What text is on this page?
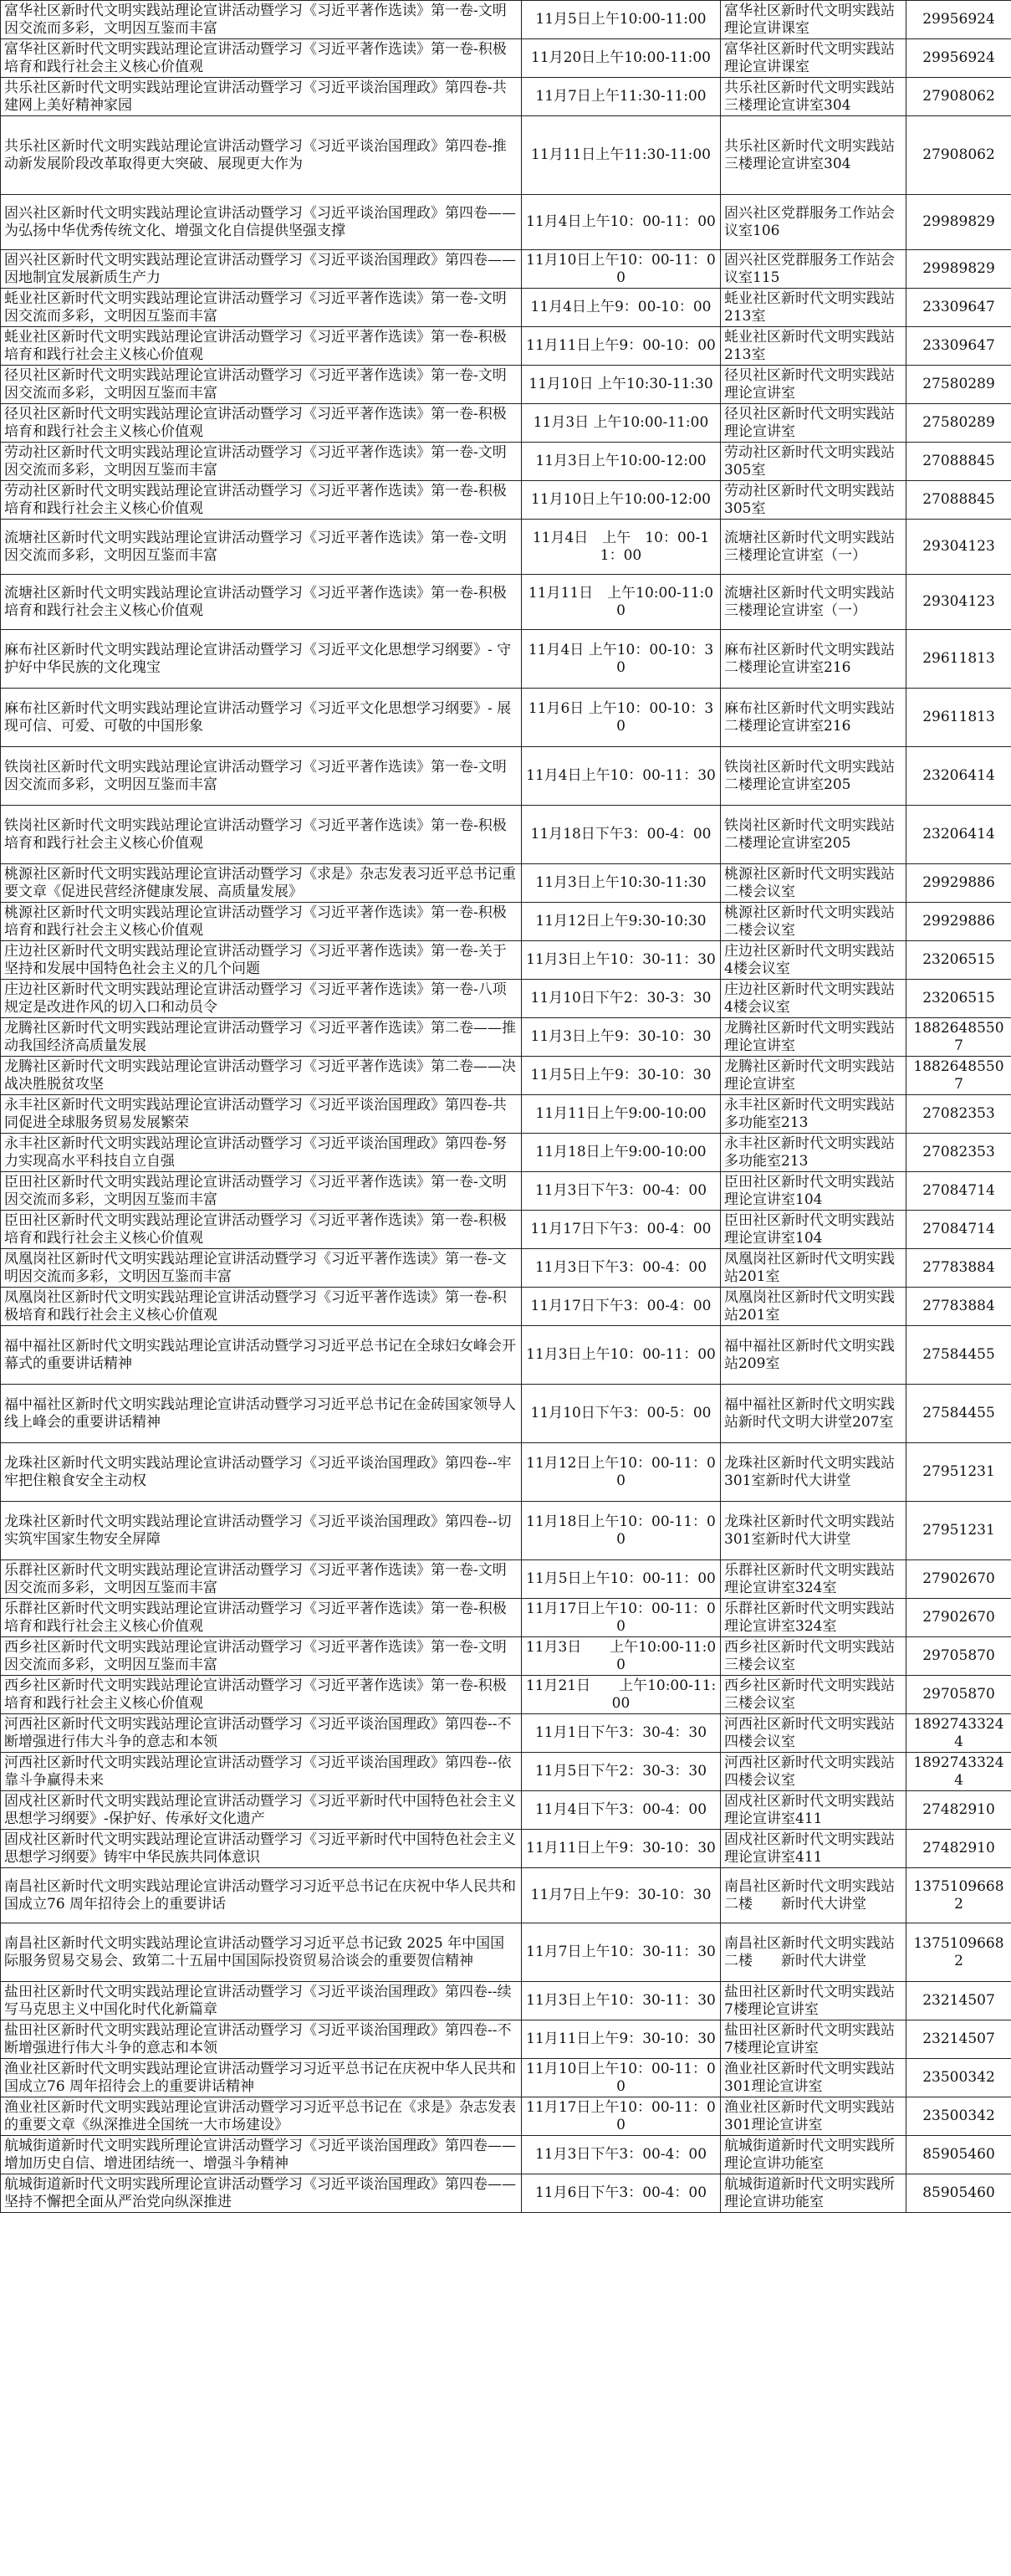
富华社区新时代文明实践站理论宣讲活动暨学习《习近平著作选读》第一卷-文明因交流而多彩，文明因互鉴而丰富	11月5日上午10:00-11:00	富华社区新时代文明实践站理论宣讲课室	29956924
富华社区新时代文明实践站理论宣讲活动暨学习《习近平著作选读》第一卷-积极培育和践行社会主义核心价值观	11月20日上午10:00-11:00	富华社区新时代文明实践站理论宣讲课室	29956924
共乐社区新时代文明实践站理论宣讲活动暨学习《习近平谈治国理政》第四卷-共建网上美好精神家园	11月7日上午11:30-11:00	共乐社区新时代文明实践站三楼理论宣讲室304	27908062
共乐社区新时代文明实践站理论宣讲活动暨学习《习近平谈治国理政》第四卷-推动新发展阶段改革取得更大突破、展现更大作为	11月11日上午11:30-11:00	共乐社区新时代文明实践站三楼理论宣讲室304	27908062
固兴社区新时代文明实践站理论宣讲活动暨学习《习近平谈治国理政》第四卷——为弘扬中华优秀传统文化、增强文化自信提供坚强支撑	11月4日上午10：00-11：00	固兴社区党群服务工作站会议室106	29989829
固兴社区新时代文明实践站理论宣讲活动暨学习《习近平谈治国理政》第四卷——因地制宜发展新质生产力	11月10日上午10：00-11：00	固兴社区党群服务工作站会议室115	29989829
蚝业社区新时代文明实践站理论宣讲活动暨学习《习近平著作选读》第一卷-文明因交流而多彩，文明因互鉴而丰富	11月4日上午9：00-10：00	蚝业社区新时代文明实践站213室	23309647
蚝业社区新时代文明实践站理论宣讲活动暨学习《习近平著作选读》第一卷-积极培育和践行社会主义核心价值观	11月11日上午9：00-10：00	蚝业社区新时代文明实践站213室	23309647
径贝社区新时代文明实践站理论宣讲活动暨学习《习近平著作选读》第一卷-文明因交流而多彩，文明因互鉴而丰富	11月10日 上午10:30-11:30	径贝社区新时代文明实践站 理论宣讲室	27580289
径贝社区新时代文明实践站理论宣讲活动暨学习《习近平著作选读》第一卷-积极培育和践行社会主义核心价值观	11月3日 上午10:00-11:00	径贝社区新时代文明实践站 理论宣讲室	27580289
劳动社区新时代文明实践站理论宣讲活动暨学习《习近平著作选读》第一卷-文明因交流而多彩，文明因互鉴而丰富	11月3日上午10:00-12:00	劳动社区新时代文明实践站305室	27088845
劳动社区新时代文明实践站理论宣讲活动暨学习《习近平著作选读》第一卷-积极培育和践行社会主义核心价值观	11月10日上午10:00-12:00	劳动社区新时代文明实践站305室	27088845
流塘社区新时代文明实践站理论宣讲活动暨学习《习近平著作选读》第一卷-文明因交流而多彩，文明因互鉴而丰富	11月4日　上午　10：00-11：00	流塘社区新时代文明实践站三楼理论宣讲室（一）	29304123
流塘社区新时代文明实践站理论宣讲活动暨学习《习近平著作选读》第一卷-积极培育和践行社会主义核心价值观	11月11日　上午10:00-11:00	流塘社区新时代文明实践站三楼理论宣讲室（一）	29304123
麻布社区新时代文明实践站理论宣讲活动暨学习《习近平文化思想学习纲要》- 守护好中华民族的文化瑰宝	11月4日 上午10：00-10：30	麻布社区新时代文明实践站二楼理论宣讲室216	29611813
麻布社区新时代文明实践站理论宣讲活动暨学习《习近平文化思想学习纲要》- 展现可信、可爱、可敬的中国形象	11月6日 上午10：00-10：30	麻布社区新时代文明实践站二楼理论宣讲室216	29611813
铁岗社区新时代文明实践站理论宣讲活动暨学习《习近平著作选读》第一卷-文明因交流而多彩，文明因互鉴而丰富	11月4日上午10：00-11：30	铁岗社区新时代文明实践站二楼理论宣讲室205	23206414
铁岗社区新时代文明实践站理论宣讲活动暨学习《习近平著作选读》第一卷-积极培育和践行社会主义核心价值观	11月18日下午3：00-4：00	铁岗社区新时代文明实践站二楼理论宣讲室205	23206414
桃源社区新时代文明实践站理论宣讲活动暨学习《求是》杂志发表习近平总书记重要文章《促进民营经济健康发展、高质量发展》	11月3日上午10:30-11:30	桃源社区新时代文明实践站二楼会议室	29929886
桃源社区新时代文明实践站理论宣讲活动暨学习《习近平著作选读》第一卷-积极培育和践行社会主义核心价值观	11月12日上午9:30-10:30	桃源社区新时代文明实践站二楼会议室	29929886
庄边社区新时代文明实践站理论宣讲活动暨学习《习近平著作选读》第一卷-关于坚持和发展中国特色社会主义的几个问题	11月3日上午10：30-11：30	庄边社区新时代文明实践站4楼会议室	23206515
庄边社区新时代文明实践站理论宣讲活动暨学习《习近平著作选读》第一卷-八项规定是改进作风的切入口和动员令	11月10日下午2：30-3：30	庄边社区新时代文明实践站4楼会议室	23206515
龙腾社区新时代文明实践站理论宣讲活动暨学习《习近平著作选读》第二卷——推动我国经济高质量发展	11月3日上午9：30-10：30	龙腾社区新时代文明实践站理论宣讲室	18826485507
龙腾社区新时代文明实践站理论宣讲活动暨学习《习近平著作选读》第二卷——决战决胜脱贫攻坚	11月5日上午9：30-10：30	龙腾社区新时代文明实践站理论宣讲室	18826485507
永丰社区新时代文明实践站理论宣讲活动暨学习《习近平谈治国理政》第四卷-共同促进全球服务贸易发展繁荣	11月11日上午9:00-10:00	永丰社区新时代文明实践站多功能室213	27082353
永丰社区新时代文明实践站理论宣讲活动暨学习《习近平谈治国理政》第四卷-努力实现高水平科技自立自强	11月18日上午9:00-10:00	永丰社区新时代文明实践站多功能室213	27082353
臣田社区新时代文明实践站理论宣讲活动暨学习《习近平著作选读》第一卷-文明因交流而多彩，文明因互鉴而丰富	11月3日下午3：00-4：00	臣田社区新时代文明实践站理论宣讲室104	27084714
臣田社区新时代文明实践站理论宣讲活动暨学习《习近平著作选读》第一卷-积极培育和践行社会主义核心价值观	11月17日下午3：00-4：00	臣田社区新时代文明实践站理论宣讲室104	27084714
凤凰岗社区新时代文明实践站理论宣讲活动暨学习《习近平著作选读》第一卷-文明因交流而多彩，文明因互鉴而丰富	11月3日下午3：00-4：00	凤凰岗社区新时代文明实践站201室	27783884
凤凰岗社区新时代文明实践站理论宣讲活动暨学习《习近平著作选读》第一卷-积极培育和践行社会主义核心价值观	11月17日下午3：00-4：00	凤凰岗社区新时代文明实践站201室	27783884
福中福社区新时代文明实践站理论宣讲活动暨学习习近平总书记在全球妇女峰会开幕式的重要讲话精神	11月3日上午10：00-11：00	福中福社区新时代文明实践站209室	27584455
福中福社区新时代文明实践站理论宣讲活动暨学习习近平总书记在金砖国家领导人线上峰会的重要讲话精神	11月10日下午3：00-5：00	福中福社区新时代文明实践站新时代文明大讲堂207室	27584455
龙珠社区新时代文明实践站理论宣讲活动暨学习《习近平谈治国理政》第四卷--牢牢把住粮食安全主动权	11月12日上午10：00-11：00	龙珠社区新时代文明实践站301室新时代大讲堂	27951231
龙珠社区新时代文明实践站理论宣讲活动暨学习《习近平谈治国理政》第四卷--切实筑牢国家生物安全屏障	11月18日上午10：00-11：00	龙珠社区新时代文明实践站301室新时代大讲堂	27951231
乐群社区新时代文明实践站理论宣讲活动暨学习《习近平著作选读》第一卷-文明因交流而多彩，文明因互鉴而丰富	11月5日上午10：00-11：00	乐群社区新时代文明实践站理论宣讲室324室	27902670
乐群社区新时代文明实践站理论宣讲活动暨学习《习近平著作选读》第一卷-积极培育和践行社会主义核心价值观	11月17日上午10：00-11：00	乐群社区新时代文明实践站理论宣讲室324室	27902670
西乡社区新时代文明实践站理论宣讲活动暨学习《习近平著作选读》第一卷-文明因交流而多彩，文明因互鉴而丰富	11月3日　　上午10:00-11:00	西乡社区新时代文明实践站三楼会议室	29705870
西乡社区新时代文明实践站理论宣讲活动暨学习《习近平著作选读》第一卷-积极培育和践行社会主义核心价值观	11月21日　　上午10:00-11:00	西乡社区新时代文明实践站三楼会议室	29705870
河西社区新时代文明实践站理论宣讲活动暨学习《习近平谈治国理政》第四卷--不断增强进行伟大斗争的意志和本领	11月1日下午3：30-4：30	河西社区新时代文明实践站四楼会议室	18927433244
河西社区新时代文明实践站理论宣讲活动暨学习《习近平谈治国理政》第四卷--依靠斗争赢得未来	11月5日下午2：30-3：30	河西社区新时代文明实践站四楼会议室	18927433244
固戍社区新时代文明实践站理论宣讲活动暨学习《习近平新时代中国特色社会主义思想学习纲要》-保护好、传承好文化遗产	11月4日下午3：00-4：00	固戍社区新时代文明实践站理论宣讲室411	27482910
固戍社区新时代文明实践站理论宣讲活动暨学习《习近平新时代中国特色社会主义思想学习纲要》铸牢中华民族共同体意识	11月11日上午9：30-10：30	固戍社区新时代文明实践站理论宣讲室411	27482910
南昌社区新时代文明实践站理论宣讲活动暨学习习近平总书记在庆祝中华人民共和国成立76 周年招待会上的重要讲话	11月7日上午9：30-10：30	南昌社区新时代文明实践站二楼　　新时代大讲堂	13751096682
南昌社区新时代文明实践站理论宣讲活动暨学习习近平总书记致 2025 年中国国际服务贸易交易会、致第二十五届中国国际投资贸易洽谈会的重要贺信精神	11月7日上午10：30-11：30	南昌社区新时代文明实践站二楼　　新时代大讲堂	13751096682
盐田社区新时代文明实践站理论宣讲活动暨学习《习近平谈治国理政》第四卷--续写马克思主义中国化时代化新篇章	11月3日上午10：30-11：30	盐田社区新时代文明实践站7楼理论宣讲室	23214507
盐田社区新时代文明实践站理论宣讲活动暨学习《习近平谈治国理政》第四卷--不断增强进行伟大斗争的意志和本领	11月11日上午9：30-10：30	盐田社区新时代文明实践站7楼理论宣讲室	23214507
渔业社区新时代文明实践站理论宣讲活动暨学习习近平总书记在庆祝中华人民共和国成立76 周年招待会上的重要讲话精神	11月10日上午10：00-11：00	渔业社区新时代文明实践站301理论宣讲室	23500342
渔业社区新时代文明实践站理论宣讲活动暨学习习近平总书记在《求是》杂志发表的重要文章《纵深推进全国统一大市场建设》	11月17日上午10：00-11：00	渔业社区新时代文明实践站301理论宣讲室	23500342
航城街道新时代文明实践所理论宣讲活动暨学习《习近平谈治国理政》第四卷——增加历史自信、增进团结统一、增强斗争精神	11月3日下午3：00-4：00	航城街道新时代文明实践所理论宣讲功能室	85905460
航城街道新时代文明实践所理论宣讲活动暨学习《习近平谈治国理政》第四卷——坚持不懈把全面从严治党向纵深推进	11月6日下午3：00-4：00	航城街道新时代文明实践所理论宣讲功能室	85905460
